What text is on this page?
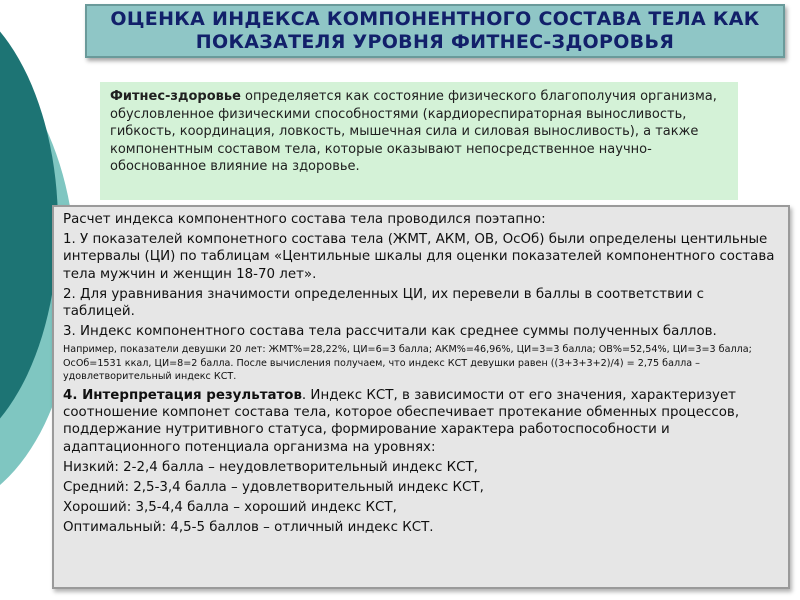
ОЦЕНКА ИНДЕКСА КОМПОНЕНТНОГО СОСТАВА ТЕЛА КАК
ПОКАЗАТЕЛЯ УРОВНЯ ФИТНЕС-ЗДОРОВЬЯ
Фитнес-здоровье определяется как состояние физического благополучия организма, обусловленное физическими способностями (кардиореспираторная выносливость, гибкость, координация, ловкость, мышечная сила и силовая выносливость), а также компонентным составом тела, которые оказывают непосредственное научно-обоснованное влияние на здоровье.

Расчет индекса компонентного состава тела проводился поэтапно:

1. У показателей компонетного состава тела (ЖМТ, АКМ, ОВ, ОсОб) были определены центильные интервалы (ЦИ) по таблицам «Центильные шкалы для оценки показателей компонентного состава тела мужчин и женщин 18-70 лет».

2. Для уравнивания значимости определенных ЦИ, их перевели в баллы в соответствии с таблицей.

3. Индекс компонентного состава тела рассчитали как среднее суммы полученных баллов.

Например, показатели девушки 20 лет: ЖМТ%=28,22%, ЦИ=6=3 балла; АКМ%=46,96%, ЦИ=3=3 балла; ОВ%=52,54%, ЦИ=3=3 балла; ОсОб=1531 ккал, ЦИ=8=2 балла. После вычисления получаем, что индекс КСТ девушки равен ((3+3+3+2)/4) = 2,75 балла – удовлетворительный индекс КСТ.

4. Интерпретация результатов. Индекс КСТ, в зависимости от его значения, характеризует соотношение компонет состава тела, которое обеспечивает протекание обменных процессов, поддержание нутритивного статуса, формирование характера работоспособности и адаптационного потенциала организма на уровнях:

Низкий: 2-2,4 балла – неудовлетворительный индекс КСТ,

Средний: 2,5-3,4 балла – удовлетворительный индекс КСТ,

Хороший: 3,5-4,4 балла – хороший индекс КСТ,

Оптимальный: 4,5-5 баллов – отличный индекс КСТ.
